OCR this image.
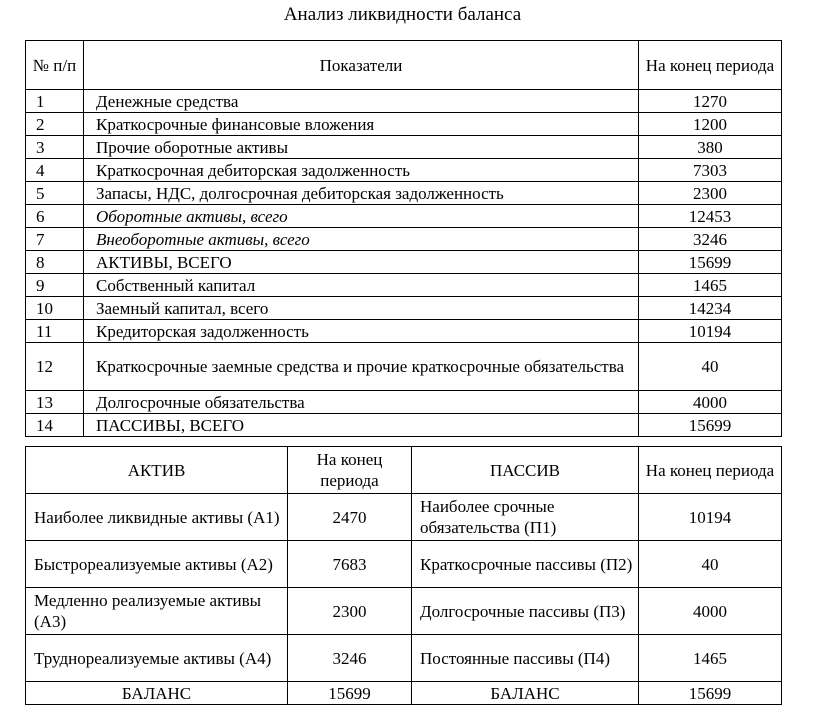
Анализ ликвидности баланса
№ п/п	Показатели	На конец периода
1	Денежные средства	1270
2	Краткосрочные финансовые вложения	1200
3	Прочие оборотные активы	380
4	Краткосрочная дебиторская задолженность	7303
5	Запасы, НДС, долгосрочная дебиторская задолженность	2300
6	Оборотные активы, всего	12453
7	Внеоборотные активы, всего	3246
8	АКТИВЫ, ВСЕГО	15699
9	Собственный капитал	1465
10	Заемный капитал, всего	14234
11	Кредиторская задолженность	10194
12	Краткосрочные заемные средства и прочие краткосрочные обязательства	40
13	Долгосрочные обязательства	4000
14	ПАССИВЫ, ВСЕГО	15699
АКТИВ	На конец периода	ПАССИВ	На конец периода
Наиболее ликвидные активы (А1)	2470	Наиболее срочные обязательства (П1)	10194
Быстрореализуемые активы (А2)	7683	Краткосрочные пассивы (П2)	40
Медленно реализуемые активы (А3)	2300	Долгосрочные пассивы (П3)	4000
Труднореализуемые активы (А4)	3246	Постоянные пассивы (П4)	1465
БАЛАНС	15699	БАЛАНС	15699
